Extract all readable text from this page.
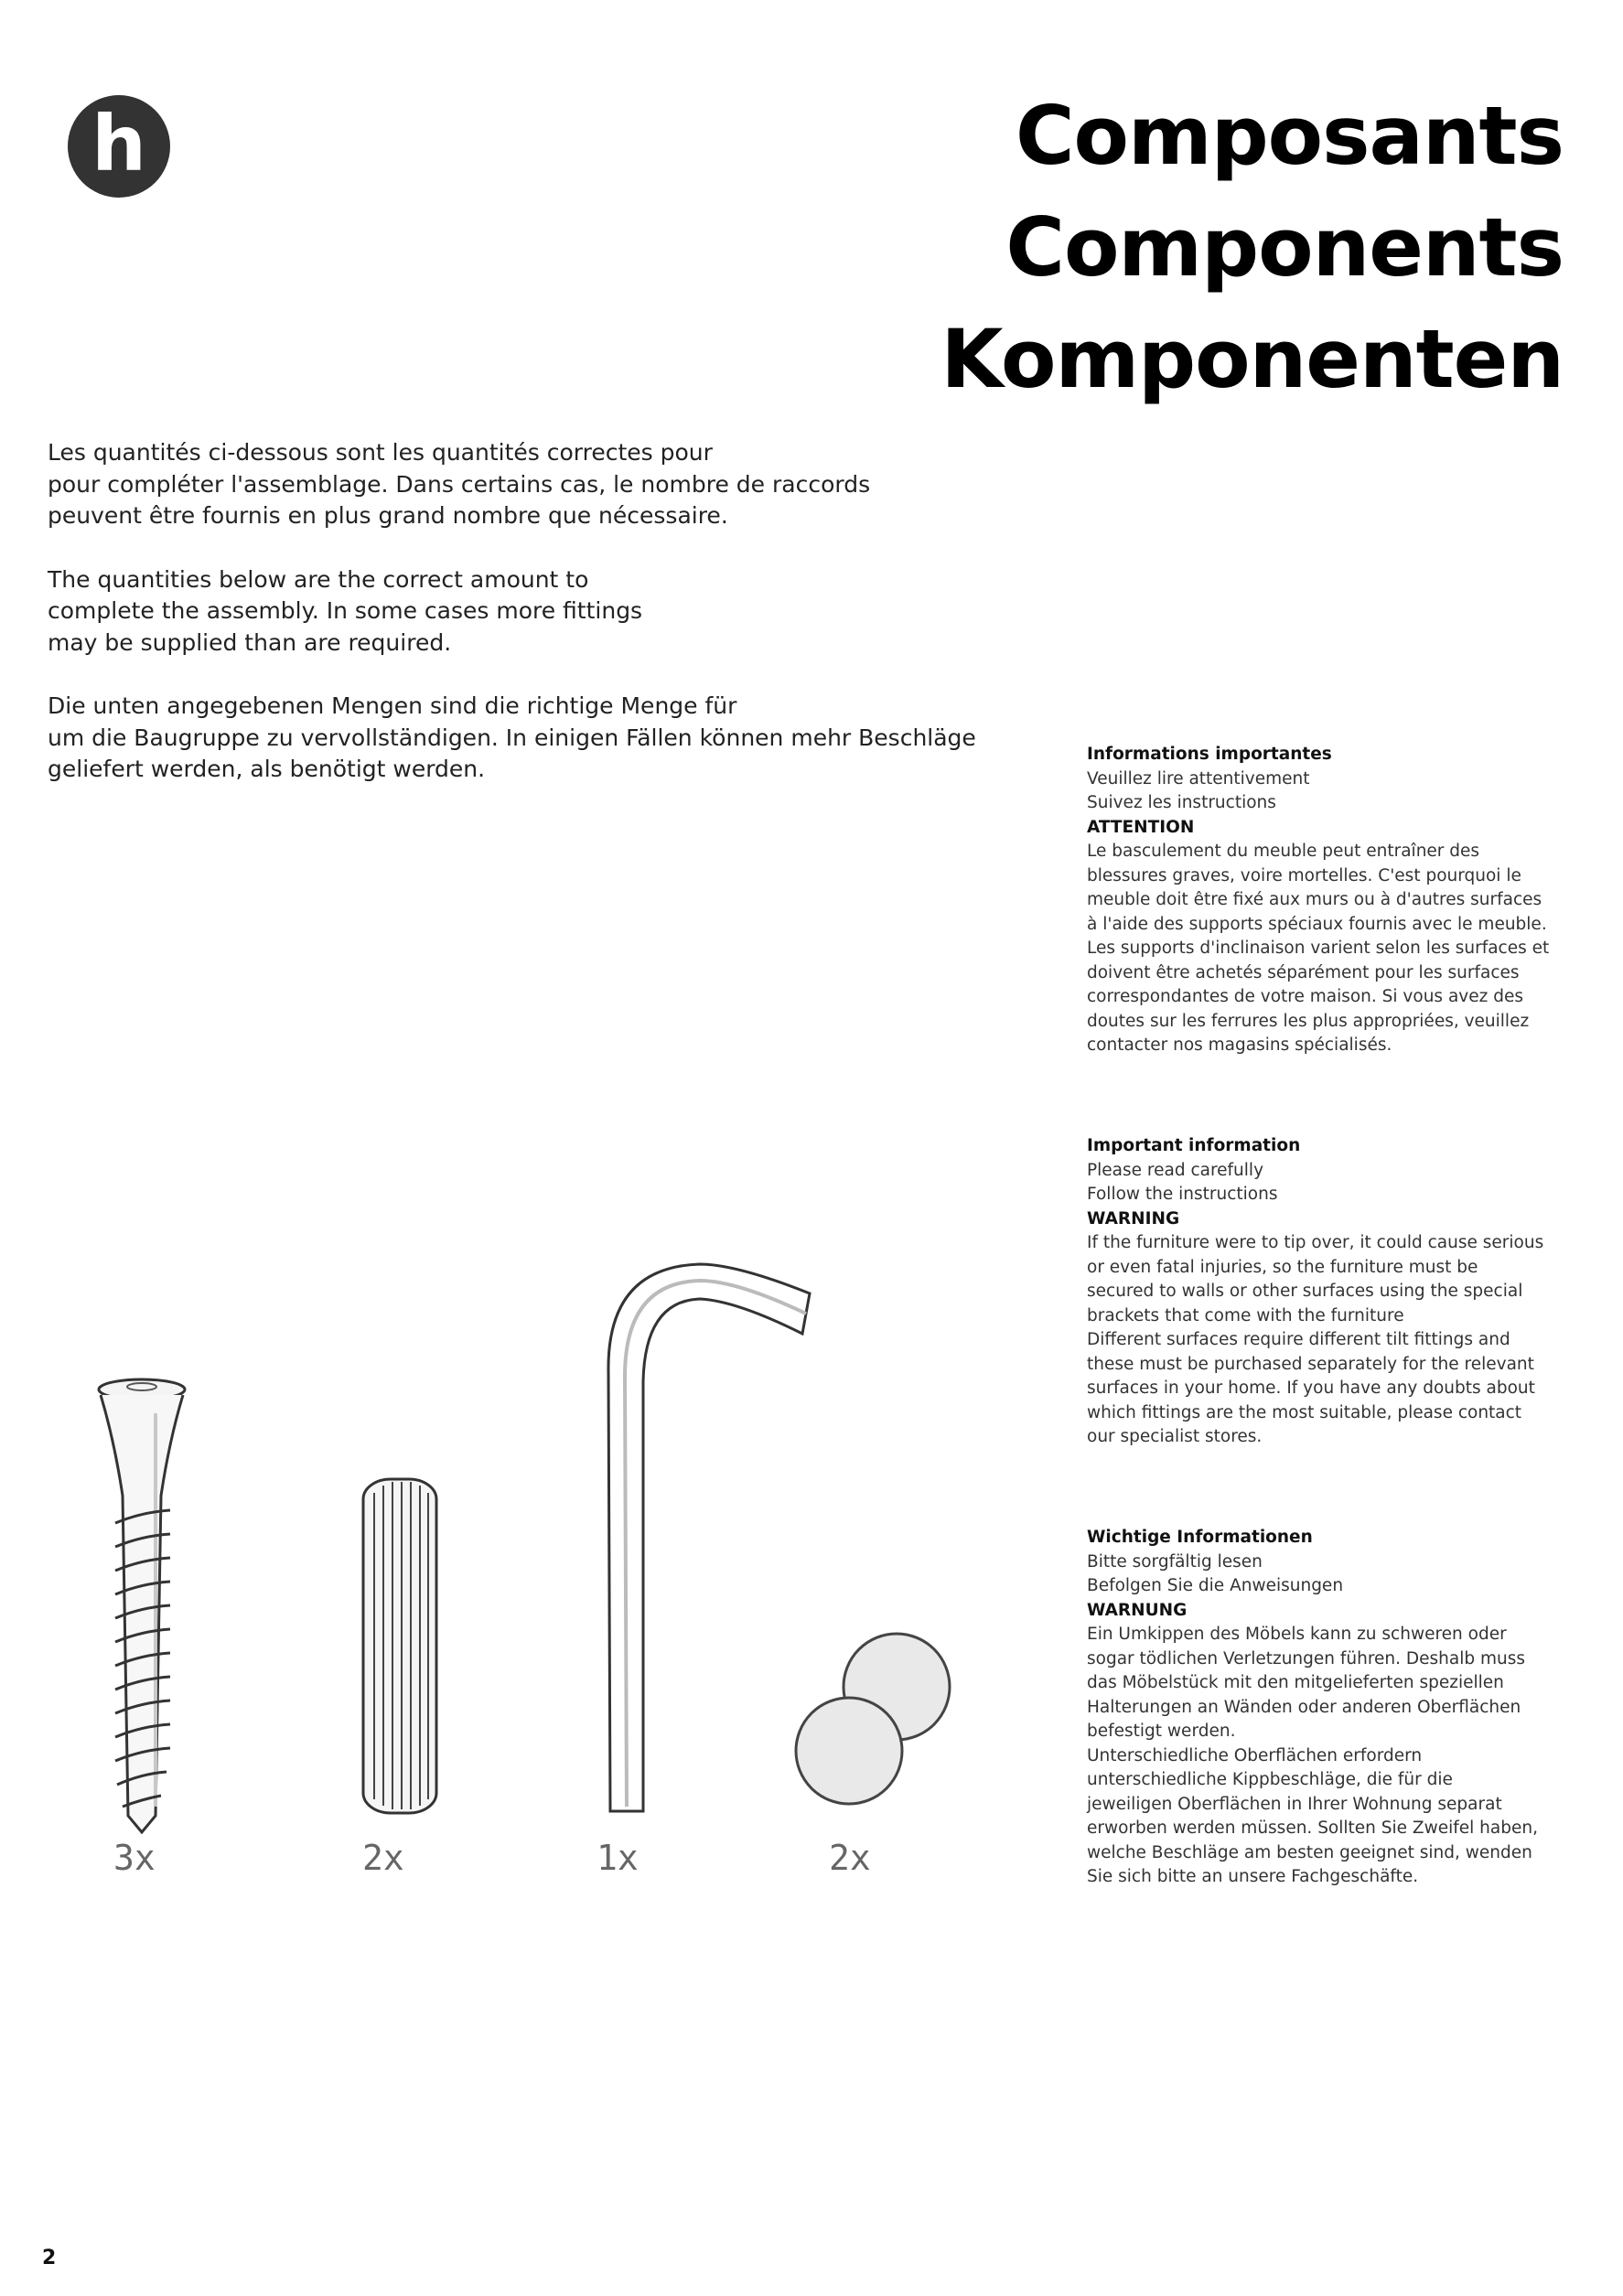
h	Composants
Components
Komponenten

Les quantités ci-dessous sont les quantités correctes pour
pour compléter l'assemblage. Dans certains cas, le nombre de raccords
peuvent être fournis en plus grand nombre que nécessaire.

The quantities below are the correct amount to
complete the assembly. In some cases more fittings
may be supplied than are required.

Die unten angegebenen Mengen sind die richtige Menge für
um die Baugruppe zu vervollständigen. In einigen Fällen können mehr Beschläge
geliefert werden, als benötigt werden.

Informations importantes
Veuillez lire attentivement
Suivez les instructions
ATTENTION
Le basculement du meuble peut entraîner des
blessures graves, voire mortelles. C'est pourquoi le
meuble doit être fixé aux murs ou à d'autres surfaces
à l'aide des supports spéciaux fournis avec le meuble.
Les supports d'inclinaison varient selon les surfaces et
doivent être achetés séparément pour les surfaces
correspondantes de votre maison. Si vous avez des
doutes sur les ferrures les plus appropriées, veuillez
contacter nos magasins spécialisés.
Important information
Please read carefully
Follow the instructions
WARNING
If the furniture were to tip over, it could cause serious
or even fatal injuries, so the furniture must be
secured to walls or other surfaces using the special
brackets that come with the furniture
Different surfaces require different tilt fittings and
these must be purchased separately for the relevant
surfaces in your home. If you have any doubts about
which fittings are the most suitable, please contact
our specialist stores.
Wichtige Informationen
Bitte sorgfältig lesen
Befolgen Sie die Anweisungen
WARNUNG
Ein Umkippen des Möbels kann zu schweren oder
sogar tödlichen Verletzungen führen. Deshalb muss
das Möbelstück mit den mitgelieferten speziellen
Halterungen an Wänden oder anderen Oberflächen
befestigt werden.
Unterschiedliche Oberflächen erfordern
unterschiedliche Kippbeschläge, die für die
jeweiligen Oberflächen in Ihrer Wohnung separat
erworben werden müssen. Sollten Sie Zweifel haben,
welche Beschläge am besten geeignet sind, wenden
Sie sich bitte an unsere Fachgeschäfte.
3x	2x	1x	2x
2
